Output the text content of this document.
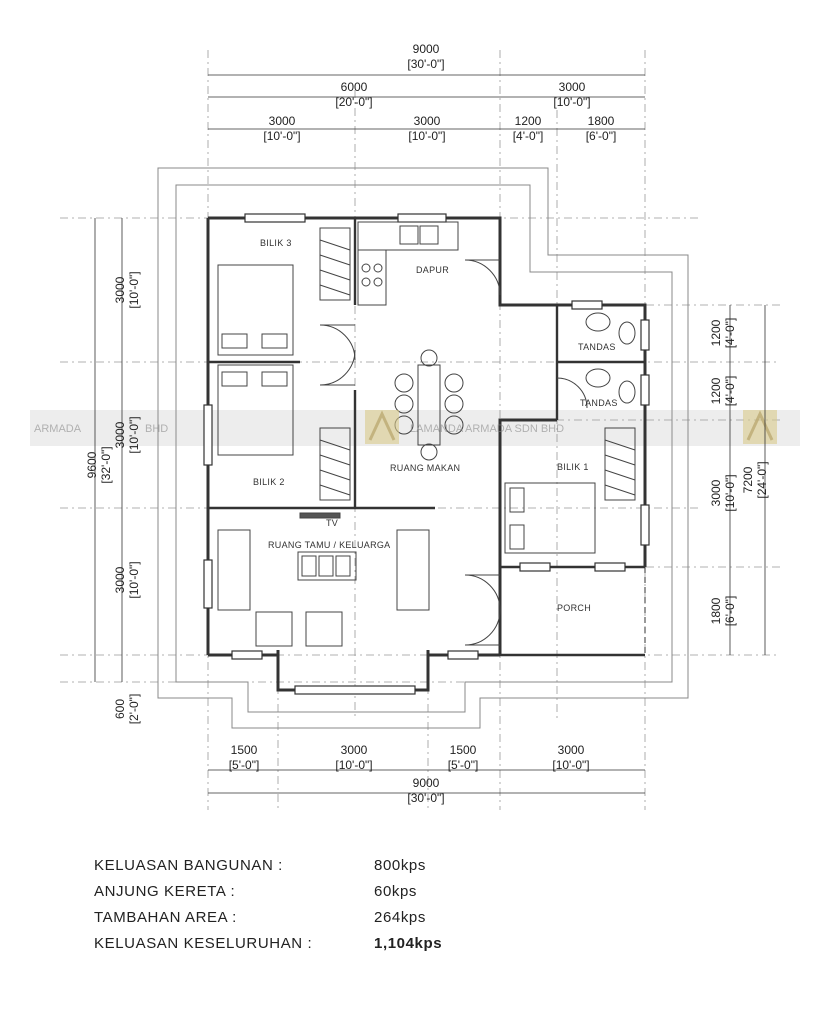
ARMADA	BHD	LAMANDA ARMADA SDN BHD
BILIK 3
DAPUR
TANDAS
TANDAS
BILIK 2
RUANG MAKAN	BILIK 1
RUANG TAMU / KELUARGA
TV
PORCH
9000
[30'-0"]
6000
[20'-0"]
3000
[10'-0"]
3000
[10'-0"]
3000
[10'-0"]
1200
[4'-0"]
1800
[6'-0"]
1500
[5'-0"]
3000
[10'-0"]
1500
[5'-0"]
3000
[10'-0"]
9000
[30'-0"]
9600 [32'-0"]
3000 [10'-0"]
3000 [10'-0"]
3000 [10'-0"]
600 [2'-0"]
1200 [4'-0"]
1200 [4'-0"]
3000 [10'-0"]
1800 [6'-0"]
7200 [24'-0"]
KELUASAN BANGUNAN :	800kps
ANJUNG KERETA :	60kps
TAMBAHAN AREA :	264kps
KELUASAN KESELURUHAN :	1,104kps
